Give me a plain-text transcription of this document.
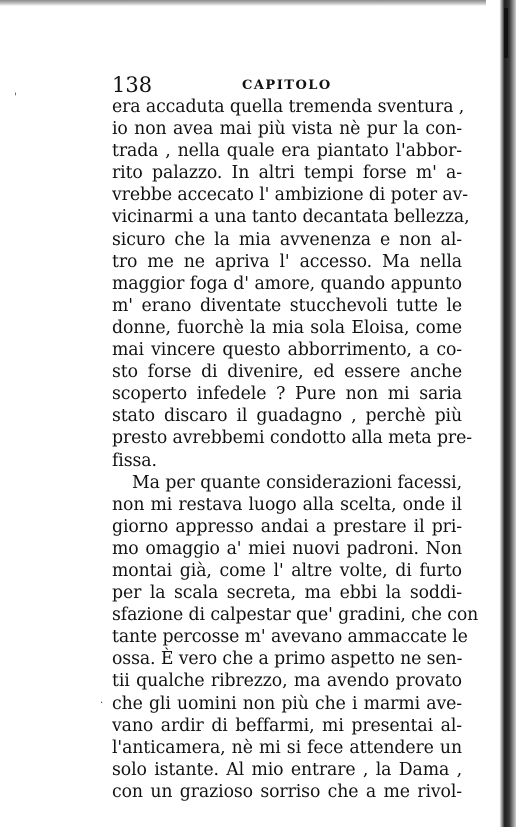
'
·
138	CAPITOLO
era accaduta quella tremenda sventura ,
io non avea mai più vista nè pur la con-
trada , nella quale era piantato l'abbor-
rito palazzo. In altri tempi forse m' a-
vrebbe accecato l' ambizione di poter av-
vicinarmi a una tanto decantata bellezza,
sicuro che la mia avvenenza e non al-
tro me ne apriva l' accesso. Ma nella
maggior foga d' amore, quando appunto
m' erano diventate stucchevoli tutte le
donne, fuorchè la mia sola Eloisa, come
mai vincere questo abborrimento, a co-
sto forse di divenire, ed essere anche
scoperto infedele ? Pure non mi saria
stato discaro il guadagno , perchè più
presto avrebbemi condotto alla meta pre-
fissa.
Ma per quante considerazioni facessi,
non mi restava luogo alla scelta, onde il
giorno appresso andai a prestare il pri-
mo omaggio a' miei nuovi padroni. Non
montai già, come l' altre volte, di furto
per la scala secreta, ma ebbi la soddi-
sfazione di calpestar que' gradini, che con
tante percosse m' avevano ammaccate le
ossa. È vero che a primo aspetto ne sen-
tii qualche ribrezzo, ma avendo provato
che gli uomini non più che i marmi ave-
vano ardir di beffarmi, mi presentai al-
l'anticamera, nè mi si fece attendere un
solo istante. Al mio entrare , la Dama ,
con un grazioso sorriso che a me rivol-
